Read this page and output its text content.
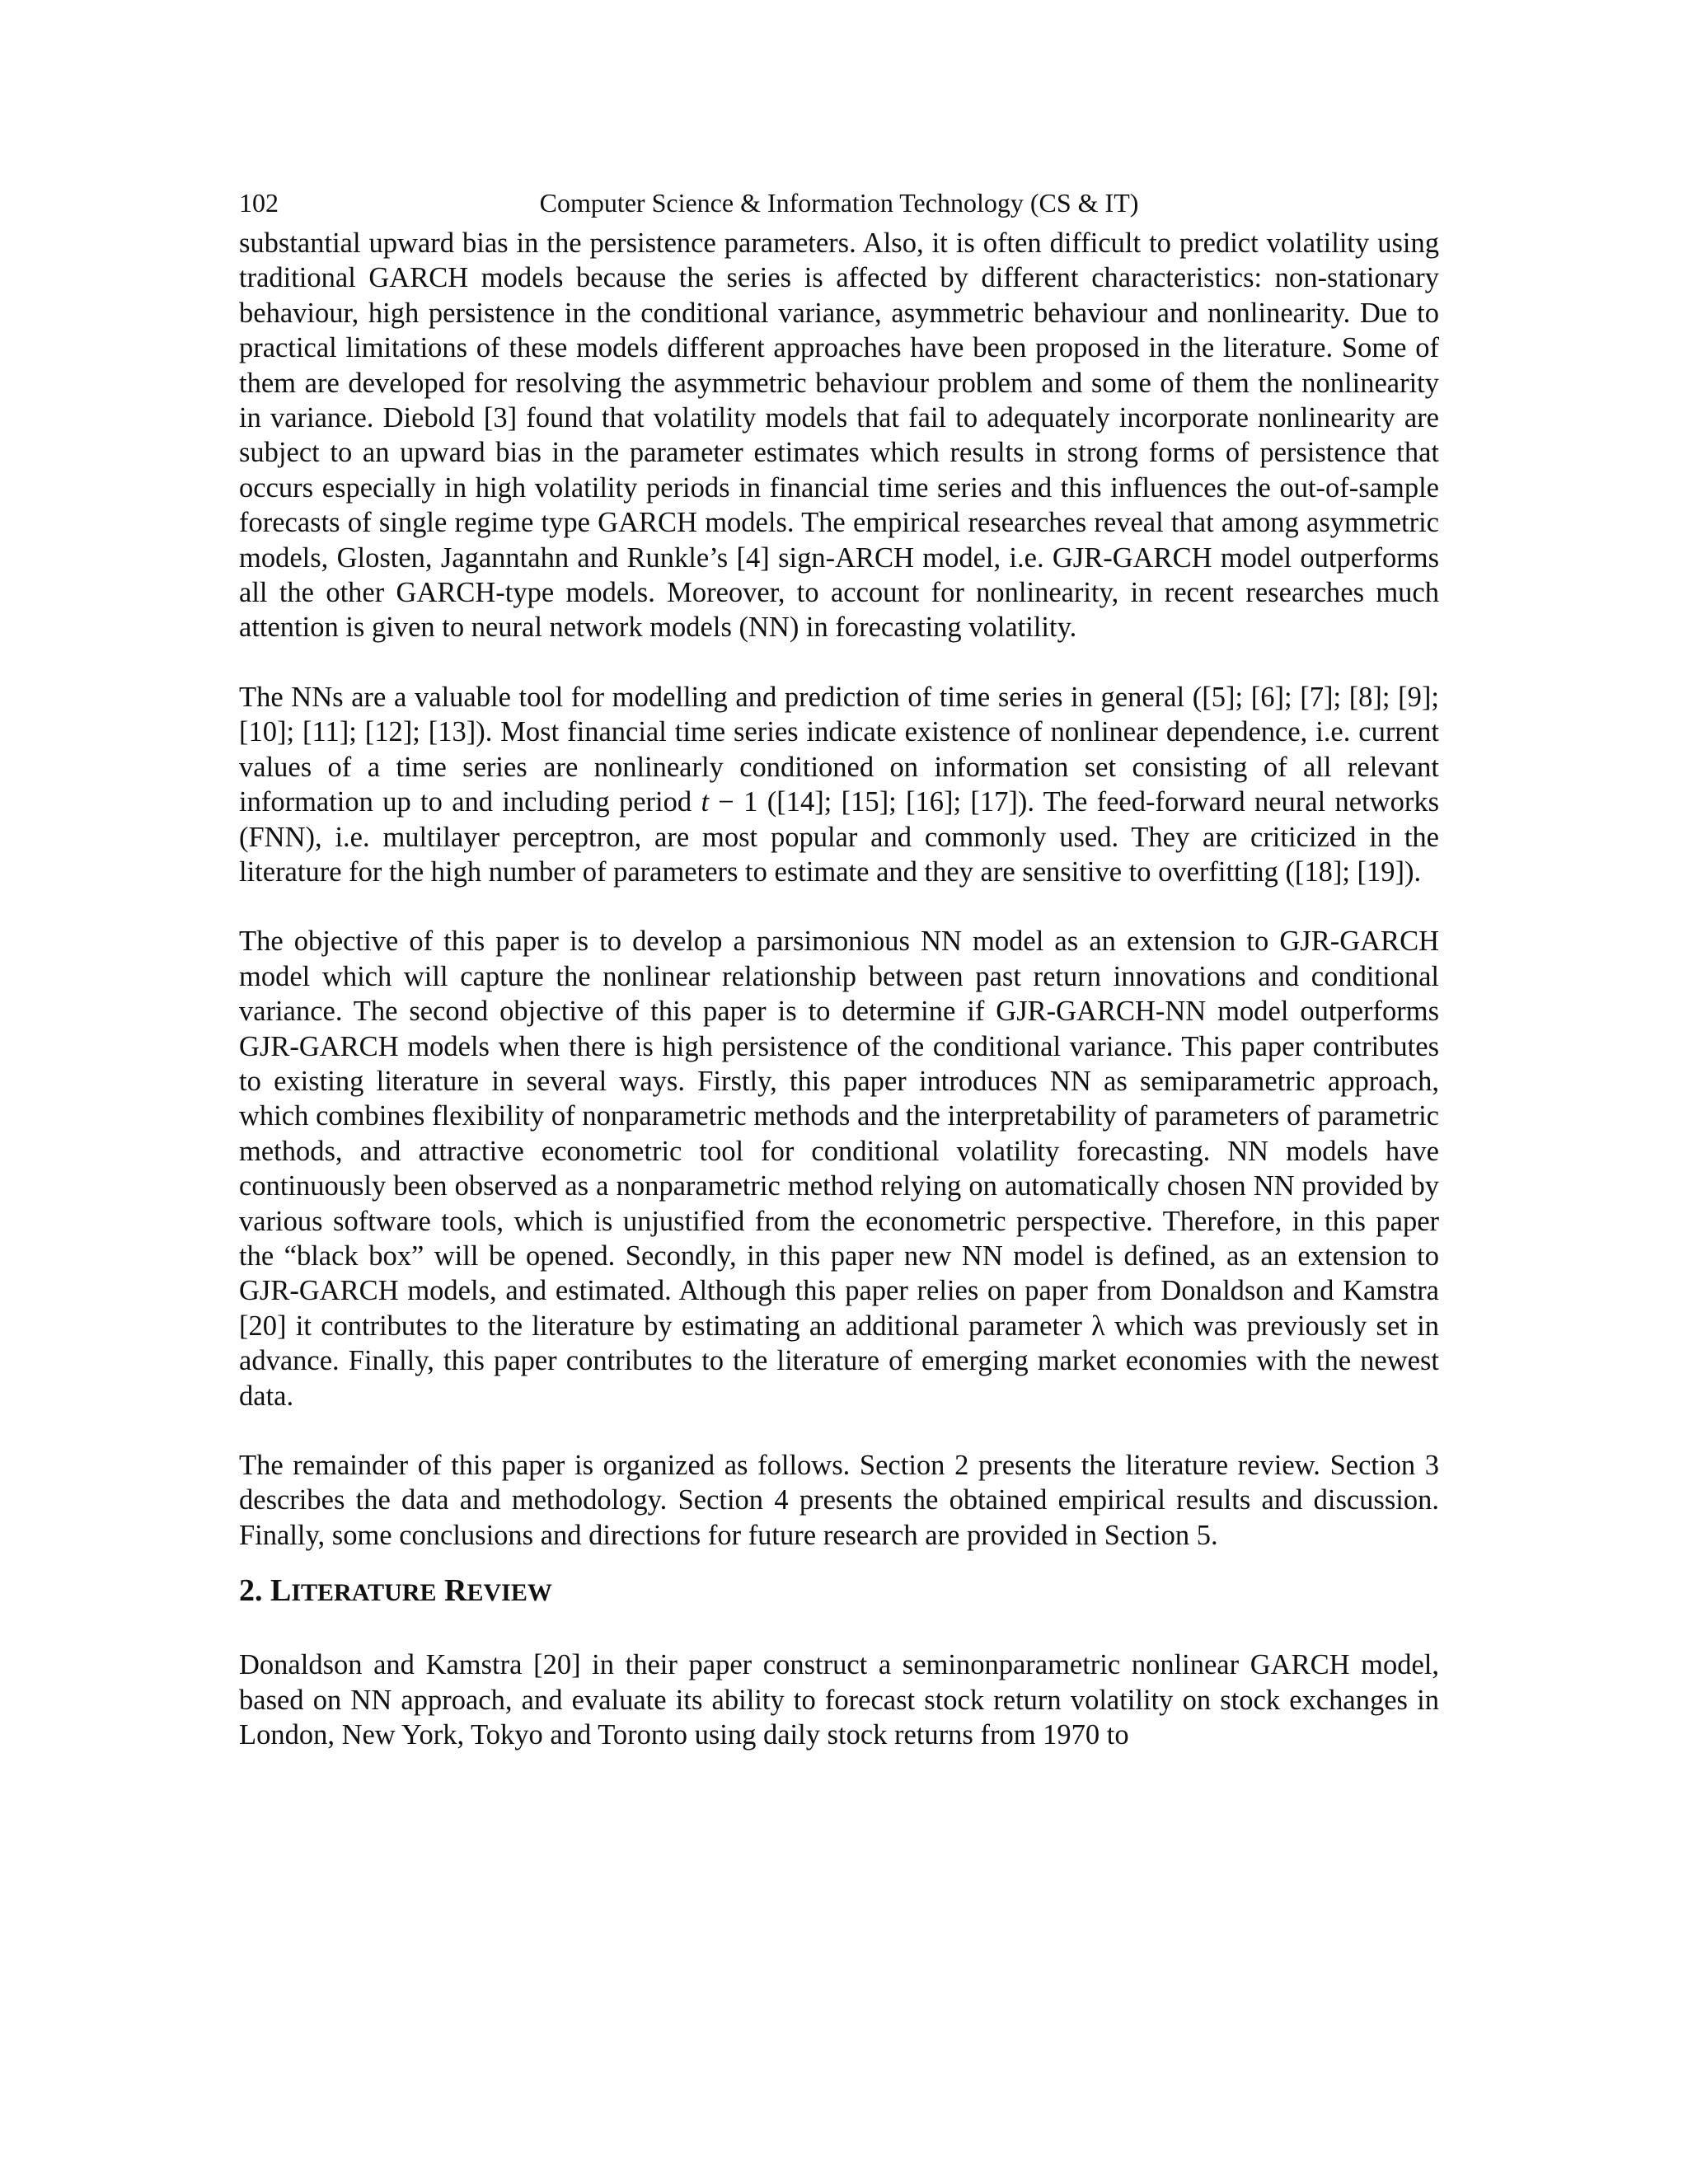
102	Computer Science & Information Technology (CS & IT)

substantial upward bias in the persistence parameters. Also, it is often difficult to predict volatility using traditional GARCH models because the series is affected by different characteristics: non-stationary behaviour, high persistence in the conditional variance, asymmetric behaviour and nonlinearity. Due to practical limitations of these models different approaches have been proposed in the literature. Some of them are developed for resolving the asymmetric behaviour problem and some of them the nonlinearity in variance. Diebold [3] found that volatility models that fail to adequately incorporate nonlinearity are subject to an upward bias in the parameter estimates which results in strong forms of persistence that occurs especially in high volatility periods in financial time series and this influences the out-of-sample forecasts of single regime type GARCH models. The empirical researches reveal that among asymmetric models, Glosten, Jaganntahn and Runkle’s [4] sign-ARCH model, i.e. GJR-GARCH model outperforms all the other GARCH-type models. Moreover, to account for nonlinearity, in recent researches much attention is given to neural network models (NN) in forecasting volatility.

The NNs are a valuable tool for modelling and prediction of time series in general ([5]; [6]; [7]; [8]; [9]; [10]; [11]; [12]; [13]). Most financial time series indicate existence of nonlinear dependence, i.e. current values of a time series are nonlinearly conditioned on information set consisting of all relevant information up to and including period t − 1 ([14]; [15]; [16]; [17]). The feed-forward neural networks (FNN), i.e. multilayer perceptron, are most popular and commonly used. They are criticized in the literature for the high number of parameters to estimate and they are sensitive to overfitting ([18]; [19]).

The objective of this paper is to develop a parsimonious NN model as an extension to GJR-GARCH model which will capture the nonlinear relationship between past return innovations and conditional variance. The second objective of this paper is to determine if GJR-GARCH-NN model outperforms GJR-GARCH models when there is high persistence of the conditional variance. This paper contributes to existing literature in several ways. Firstly, this paper introduces NN as semiparametric approach, which combines flexibility of nonparametric methods and the interpretability of parameters of parametric methods, and attractive econometric tool for conditional volatility forecasting. NN models have continuously been observed as a nonparametric method relying on automatically chosen NN provided by various software tools, which is unjustified from the econometric perspective. Therefore, in this paper the “black box” will be opened. Secondly, in this paper new NN model is defined, as an extension to GJR-GARCH models, and estimated. Although this paper relies on paper from Donaldson and Kamstra [20] it contributes to the literature by estimating an additional parameter λ which was previously set in advance. Finally, this paper contributes to the literature of emerging market economies with the newest data.

The remainder of this paper is organized as follows. Section 2 presents the literature review. Section 3 describes the data and methodology. Section 4 presents the obtained empirical results and discussion. Finally, some conclusions and directions for future research are provided in Section 5.

2. LITERATURE REVIEW

Donaldson and Kamstra [20] in their paper construct a seminonparametric nonlinear GARCH model, based on NN approach, and evaluate its ability to forecast stock return volatility on stock exchanges in London, New York, Tokyo and Toronto using daily stock returns from 1970 to
